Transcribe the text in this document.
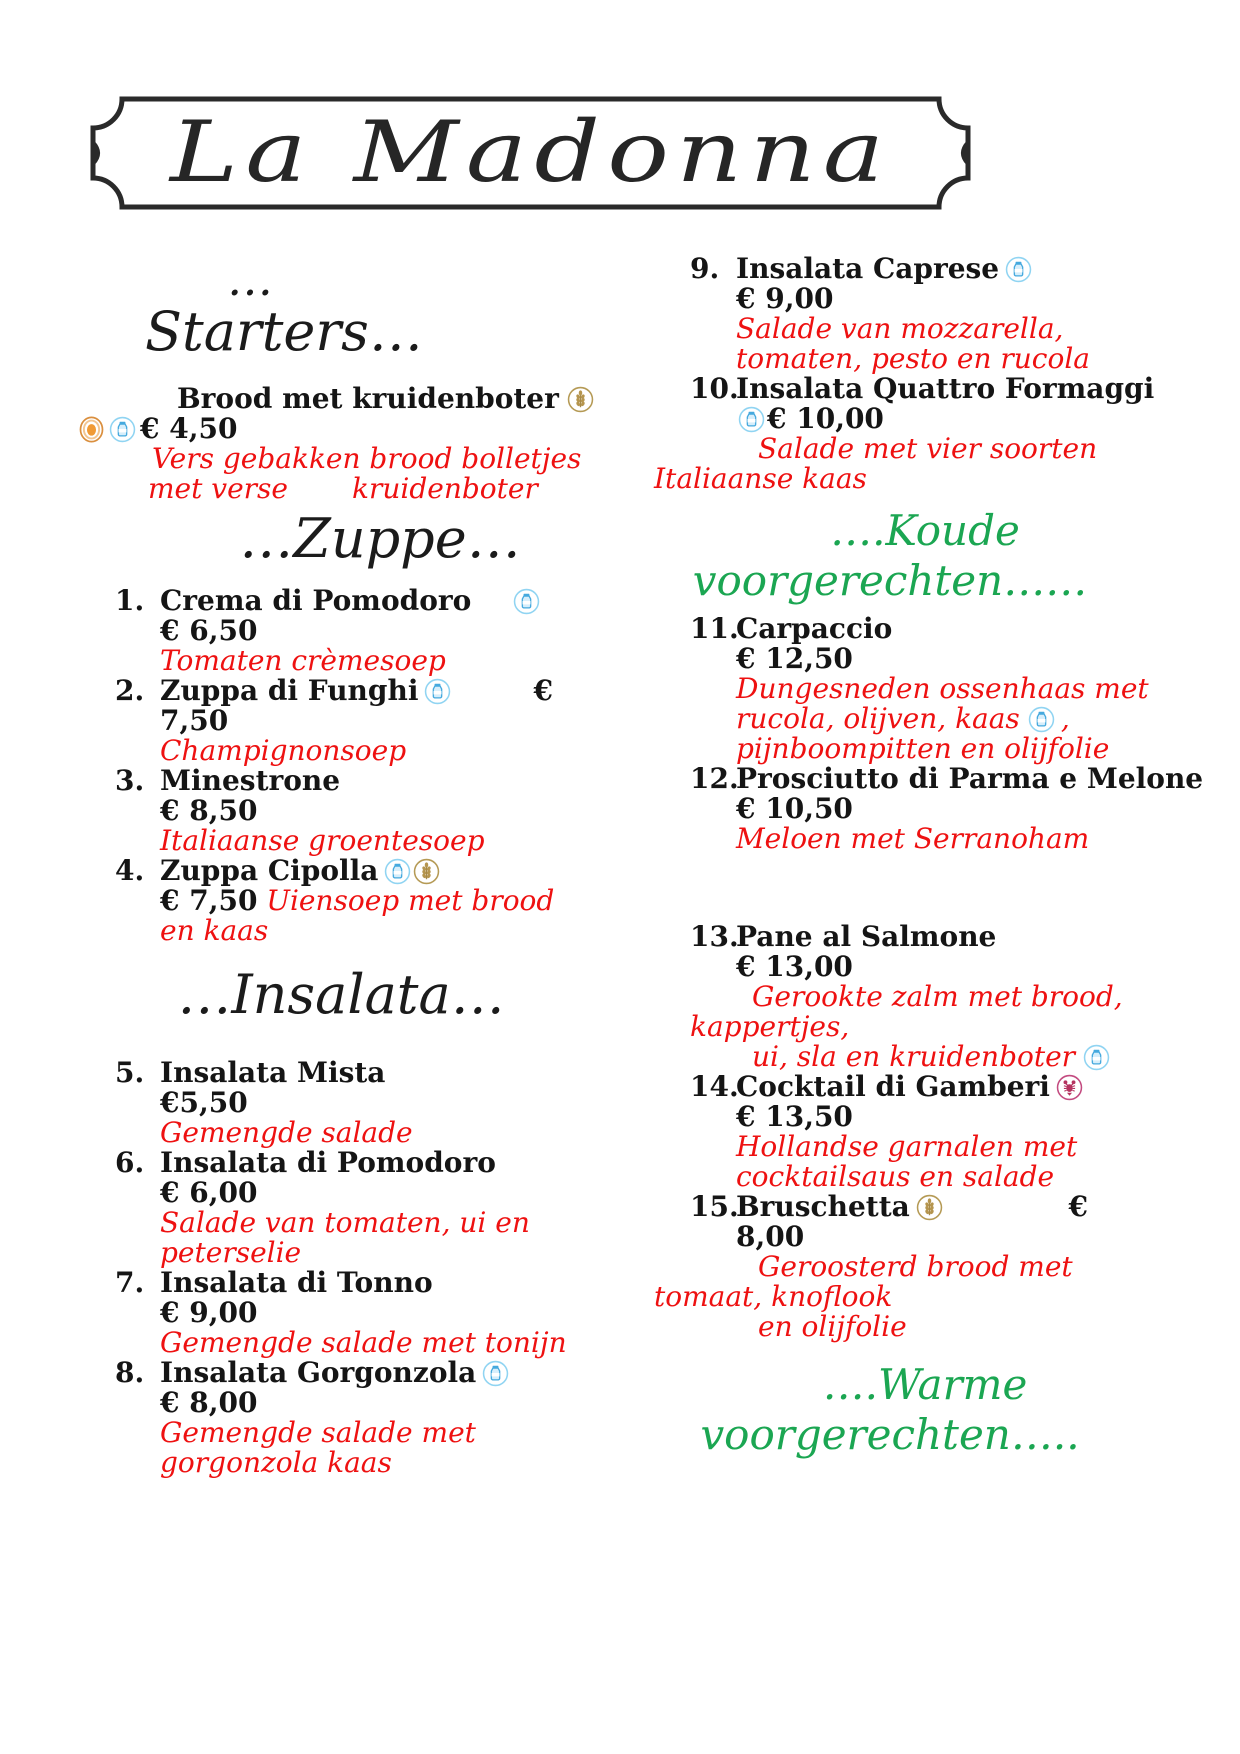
La Madonna
…
Starters…
Brood met kruidenboter
€ 4,50
Vers gebakken brood bolletjes
met verse kruidenboter
…Zuppe…
1. Crema di Pomodoro
€ 6,50
Tomaten crèmesoep
2. Zuppa di Funghi	€
7,50
Champignonsoep
3. Minestrone
€ 8,50
Italiaanse groentesoep
4. Zuppa Cipolla
€ 7,50 Uiensoep met brood en kaas
…Insalata…
5. Insalata Mista
€5,50
Gemengde salade
6. Insalata di Pomodoro
€ 6,00
Salade van tomaten, ui en peterselie
7. Insalata di Tonno
€ 9,00
Gemengde salade met tonijn
8. Insalata Gorgonzola
€ 8,00
Gemengde salade met gorgonzola kaas
9. Insalata Caprese
€ 9,00
Salade van mozzarella,
tomaten, pesto en rucola
10.
Insalata Quattro Formaggi
€ 10,00
Salade met vier soorten
Italiaanse kaas
….Koude
voorgerechten……
11.
Carpaccio
€ 12,50
Dungesneden ossenhaas met
rucola, olijven, kaas ,
pijnboompitten en olijfolie
12.
Prosciutto di Parma e Melone
€ 10,50
Meloen met Serranoham
13.
Pane al Salmone
€ 13,00
Gerookte zalm met brood,
kappertjes,
ui, sla en kruidenboter
14.
Cocktail di Gamberi
€ 13,50
Hollandse garnalen met
cocktailsaus en salade
15.
Bruschetta	€
8,00
Geroosterd brood met
tomaat, knoflook
en olijfolie
….Warme
voorgerechten…..
